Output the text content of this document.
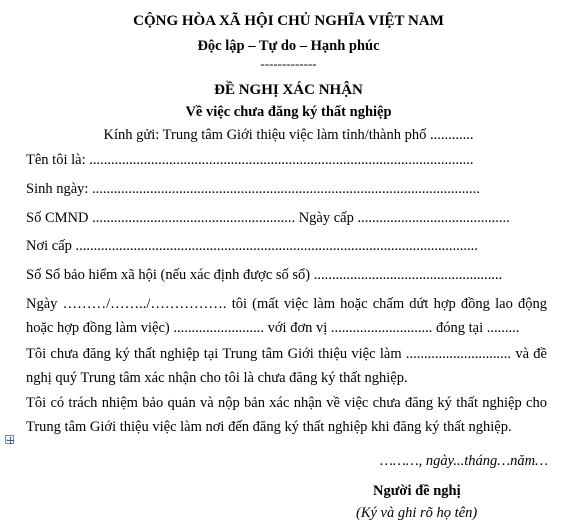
CỘNG HÒA XÃ HỘI CHỦ NGHĨA VIỆT NAM
Độc lập – Tự do – Hạnh phúc
-------------
ĐỀ NGHỊ XÁC NHẬN
Về việc chưa đăng ký thất nghiệp
Kính gửi: Trung tâm Giới thiệu việc làm tỉnh/thành phố ............
Tên tôi là: ..........................................................................................................
Sinh ngày: ...........................................................................................................
Số CMND ........................................................ Ngày cấp ..........................................
Nơi cấp ...............................................................................................................
Số Sổ bảo hiểm xã hội (nếu xác định được số sổ) ....................................................
Ngày ………/……../……………. tôi (mất việc làm hoặc chấm dứt hợp đồng lao động hoặc hợp đồng làm việc) ......................... với đơn vị ............................ đóng tại .........
Tôi chưa đăng ký thất nghiệp tại Trung tâm Giới thiệu việc làm ............................. và đề nghị quý Trung tâm xác nhận cho tôi là chưa đăng ký thất nghiệp.
Tôi có trách nhiệm bảo quản và nộp bản xác nhận về việc chưa đăng ký thất nghiệp cho Trung tâm Giới thiệu việc làm nơi đến đăng ký thất nghiệp khi đăng ký thất nghiệp.
………, ngày...tháng…năm…
Người đề nghị
(Ký và ghi rõ họ tên)
